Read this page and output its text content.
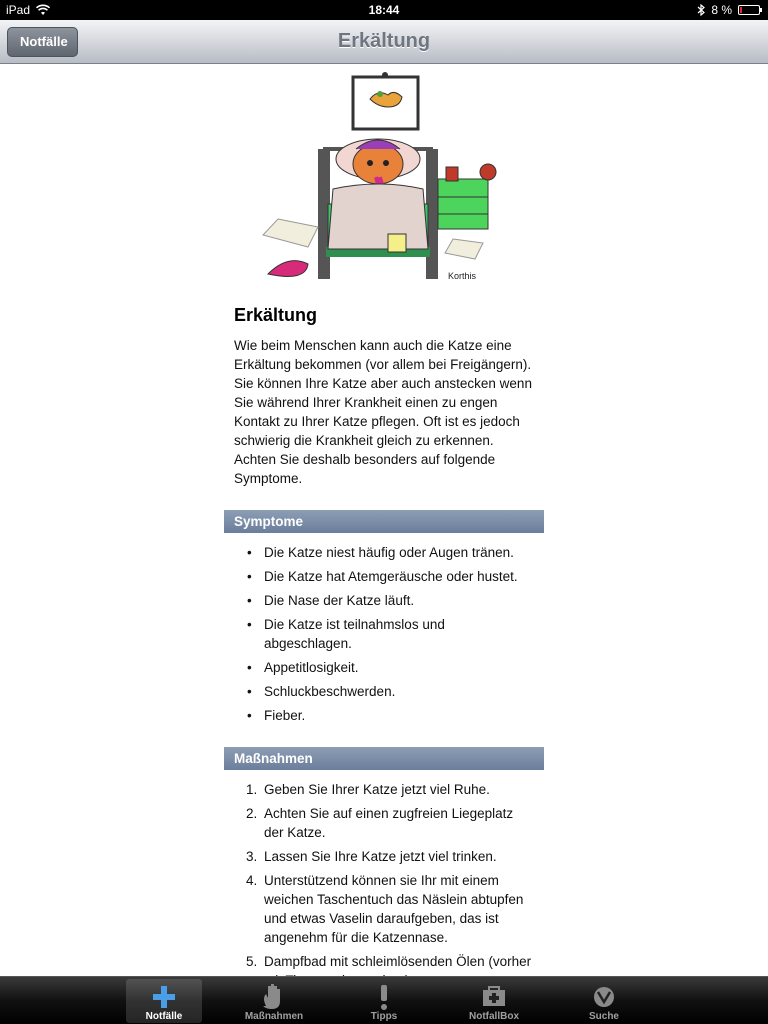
iPad	18:44	8 %
Notfälle	Erkältung
Korthis
Erkältung

Wie beim Menschen kann auch die Katze eine Erkältung bekommen (vor allem bei Freigängern). Sie können Ihre Katze aber auch anstecken wenn Sie während Ihrer Krankheit einen zu engen Kontakt zu Ihrer Katze pflegen. Oft ist es jedoch schwierig die Krankheit gleich zu erkennen. Achten Sie deshalb besonders auf folgende Symptome.

Symptome
• Die Katze niest häufig oder Augen tränen.
• Die Katze hat Atemgeräusche oder hustet.
• Die Nase der Katze läuft.
• Die Katze ist teilnahmslos und abgeschlagen.
• Appetitlosigkeit.
• Schluckbeschwerden.
• Fieber.
Maßnahmen
1. Geben Sie Ihrer Katze jetzt viel Ruhe.
2. Achten Sie auf einen zugfreien Liegeplatz der Katze.
3. Lassen Sie Ihre Katze jetzt viel trinken.
4. Unterstützend können sie Ihr mit einem weichen Taschentuch das Näslein abtupfen und etwas Vaselin daraufgeben, das ist angenehm für die Katzennase.
5. Dampfbad mit schleimlösenden Ölen (vorher
Notfälle	Maßnahmen	Tipps	NotfallBox	Suche
